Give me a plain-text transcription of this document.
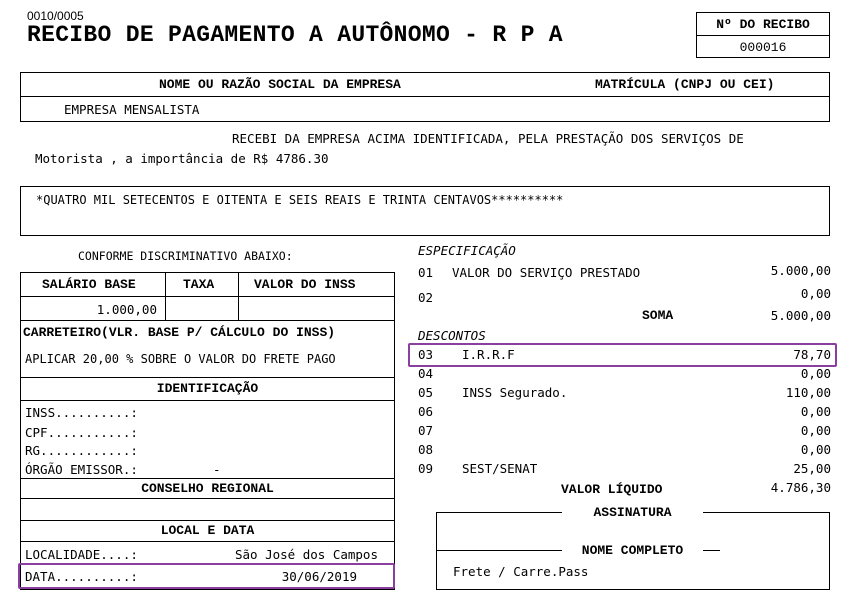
0010/0005
RECIBO DE PAGAMENTO A AUTÔNOMO - R P A	Nº DO RECIBO
000016
NOME OU RAZÃO SOCIAL DA EMPRESA	MATRÍCULA (CNPJ OU CEI)
EMPRESA MENSALISTA
RECEBI DA EMPRESA ACIMA IDENTIFICADA, PELA PRESTAÇÃO DOS SERVIÇOS DE
Motorista , a importância de R$ 4786.30
*QUATRO MIL SETECENTOS E OITENTA E SEIS REAIS E TRINTA CENTAVOS**********
CONFORME DISCRIMINATIVO ABAIXO:
SALÁRIO BASE	TAXA	VALOR DO INSS
1.000,00
CARRETEIRO(VLR. BASE P/ CÁLCULO DO INSS)
APLICAR 20,00 % SOBRE O VALOR DO FRETE PAGO
IDENTIFICAÇÃO
INSS..........:
CPF...........:
RG............:
ÓRGÃO EMISSOR.:	-
CONSELHO REGIONAL
LOCAL E DATA
LOCALIDADE....:	São José dos Campos
DATA..........:	30/06/2019
ESPECIFICAÇÃO
01 VALOR DO SERVIÇO PRESTADO	5.000,00
02	0,00
SOMA	5.000,00
DESCONTOS
03 I.R.R.F	78,70
04	0,00
05 INSS Segurado.	110,00
06	0,00
07	0,00
08	0,00
09 SEST/SENAT	25,00
VALOR LÍQUIDO	4.786,30
ASSINATURA
NOME COMPLETO
Frete / Carre.Pass
